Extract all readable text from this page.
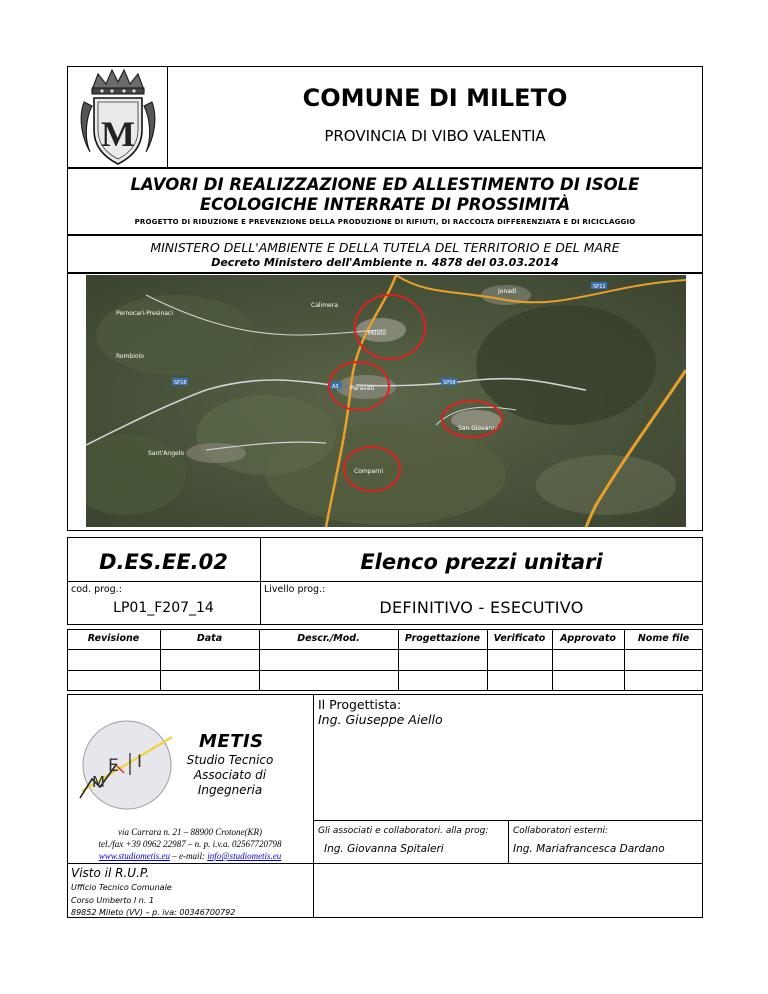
M
COMUNE DI MILETO
PROVINCIA DI VIBO VALENTIA
LAVORI DI REALIZZAZIONE ED ALLESTIMENTO DI ISOLE
ECOLOGICHE INTERRATE DI PROSSIMITÀ
PROGETTO DI RIDUZIONE E PREVENZIONE DELLA PRODUZIONE DI RIFIUTI, DI RACCOLTA DIFFERENZIATA E DI RICICLAGGIO
MINISTERO DELL'AMBIENTE E DELLA TUTELA DEL TERRITORIO E DEL MARE
Decreto Ministero dell'Ambiente n. 4878 del 03.03.2014
Pernocari-Presinaci
Calimera
Rombiolo
Mileto
Paravati
San Giovanni
Comparni
Sant'Angelo
Jonadi
SP18	SP58
SP11
A3
D.ES.EE.02	Elenco prezzi unitari
cod. prog.:
LP01_F207_14
Livello prog.:
DEFINITIVO - ESECUTIVO
Revisione	Data	Descr./Mod.	Progettazione	Verificato	Approvato	Nome file
E I
M
METIS
Studio Tecnico
Associato di
Ingegneria
via Carrara n. 21 – 88900 Crotone(KR)
tel./fax +39 0962 22987 – n. p. i.v.a. 02567720798
www.studiometis.eu – e-mail: info@studiometis.eu
Il Progettista:
Ing. Giuseppe Aiello
Gli associati e collaboratori. alla prog:
Ing. Giovanna Spitaleri
Collaboratori esterni:
Ing. Mariafrancesca Dardano
Visto il R.U.P.
Ufficio Tecnico Comunale
Corso Umberto I n. 1
89852 Mileto (VV) – p. iva: 00346700792
